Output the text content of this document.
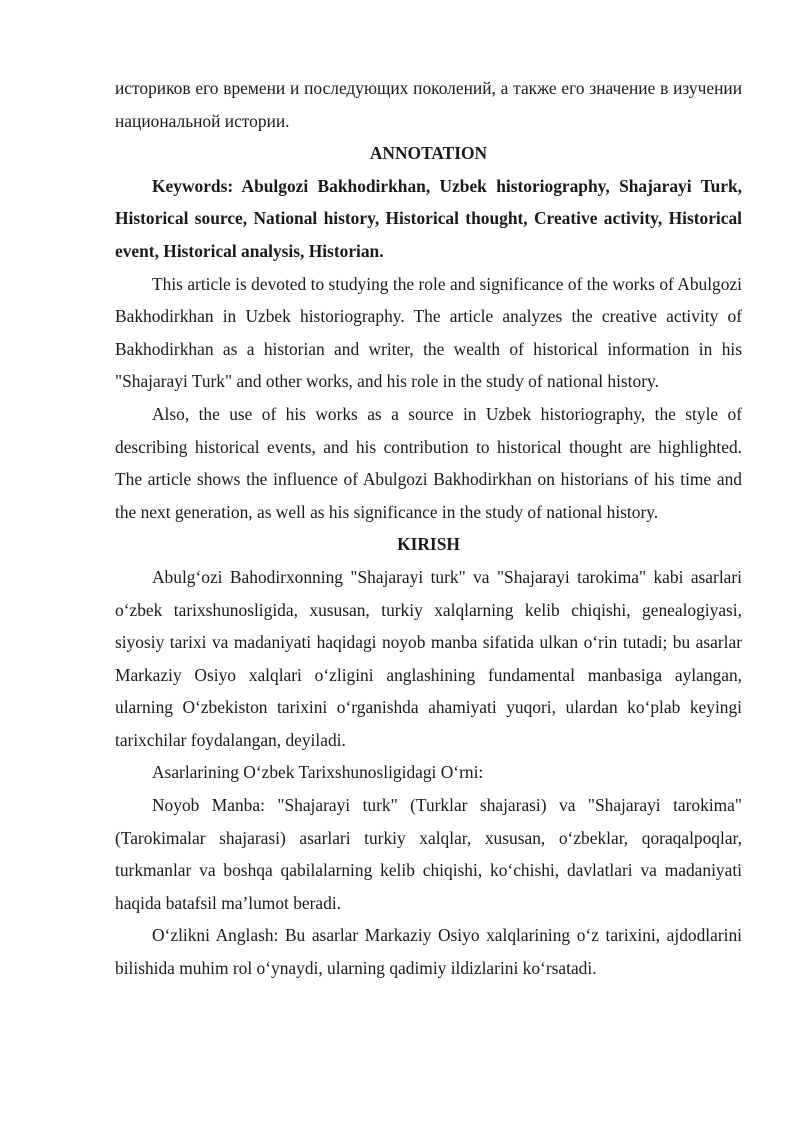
историков его времени и последующих поколений, а также его значение в изучении национальной истории.

ANNOTATION

Keywords: Abulgozi Bakhodirkhan, Uzbek historiography, Shajarayi Turk, Historical source, National history, Historical thought, Creative activity, Historical event, Historical analysis, Historian.

This article is devoted to studying the role and significance of the works of Abulgozi Bakhodirkhan in Uzbek historiography. The article analyzes the creative activity of Bakhodirkhan as a historian and writer, the wealth of historical information in his "Shajarayi Turk" and other works, and his role in the study of national history.

Also, the use of his works as a source in Uzbek historiography, the style of describing historical events, and his contribution to historical thought are highlighted. The article shows the influence of Abulgozi Bakhodirkhan on historians of his time and the next generation, as well as his significance in the study of national history.

KIRISH

Abulg‘ozi Bahodirxonning "Shajarayi turk" va "Shajarayi tarokima" kabi asarlari o‘zbek tarixshunosligida, xususan, turkiy xalqlarning kelib chiqishi, genealogiyasi, siyosiy tarixi va madaniyati haqidagi noyob manba sifatida ulkan o‘rin tutadi; bu asarlar Markaziy Osiyo xalqlari o‘zligini anglashining fundamental manbasiga aylangan, ularning O‘zbekiston tarixini o‘rganishda ahamiyati yuqori, ulardan ko‘plab keyingi tarixchilar foydalangan, deyiladi.

Asarlarining O‘zbek Tarixshunosligidagi O‘rni:

Noyob Manba: "Shajarayi turk" (Turklar shajarasi) va "Shajarayi tarokima" (Tarokimalar shajarasi) asarlari turkiy xalqlar, xususan, o‘zbeklar, qoraqalpoqlar, turkmanlar va boshqa qabilalarning kelib chiqishi, ko‘chishi, davlatlari va madaniyati haqida batafsil ma’lumot beradi.

O‘zlikni Anglash: Bu asarlar Markaziy Osiyo xalqlarining o‘z tarixini, ajdodlarini bilishida muhim rol o‘ynaydi, ularning qadimiy ildizlarini ko‘rsatadi.
